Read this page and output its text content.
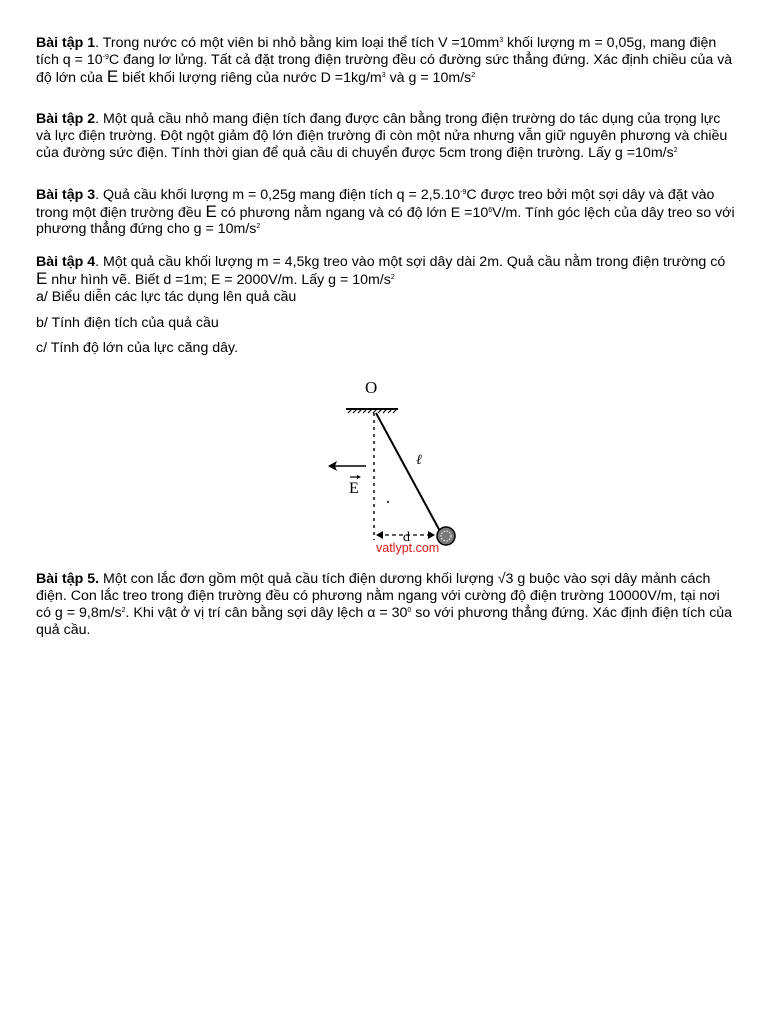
Bài tập 1. Trong nước có một viên bi nhỏ bằng kim loại thể tích $V =10mm^3$ khối lượng m = 0,05g, mang điện tích $q = 10^{-9}C$ đang lơ lửng. Tất cả đặt trong điện trường đều có đường sức thẳng đứng. Xác định chiều của và độ lớn của E biết khối lượng riêng của nước $D =1kg/m^3$ và $g = 10m/s^2$

Bài tập 2. Một quả cầu nhỏ mang điện tích đang được cân bằng trong điện trường do tác dụng của trọng lực và lực điện trường. Đột ngột giảm độ lớn điện trường đi còn một nửa nhưng vẫn giữ nguyên phương và chiều của đường sức điện. Tính thời gian để quả cầu di chuyển được 5cm trong điện trường. Lấy $g =10m/s^2$

Bài tập 3. Quả cầu khối lượng m = 0,25g mang điện tích $q = 2,5.10^{-9}C$ được treo bởi một sợi dây và đặt vào trong một điện trường đều E có phương nằm ngang và có độ lớn $E =10^6V/m$. Tính góc lệch của dây treo so với phương thẳng đứng cho $g = 10m/s^2$

Bài tập 4. Một quả cầu khối lượng m = 4,5kg treo vào một sợi dây dài 2m. Quả cầu nằm trong điện trường có E như hình vẽ. Biết d =1m; E = 2000V/m. Lấy $g = 10m/s^2$
a/ Biểu diễn các lực tác dụng lên quả cầu
b/ Tính điện tích của quả cầu
c/ Tính độ lớn của lực căng dây.
O
ℓ
E
d
vatlypt.com

Bài tập 5. Một con lắc đơn gồm một quả cầu tích điện dương khối lượng √3 g buộc vào sợi dây mảnh cách điện. Con lắc treo trong điện trường đều có phương nằm ngang với cường độ điện trường 10000V/m, tại nơi có $g = 9,8m/s^2$. Khi vật ở vị trí cân bằng sợi dây lệch $\alpha = 30^0$ so với phương thẳng đứng. Xác định điện tích của quả cầu.
